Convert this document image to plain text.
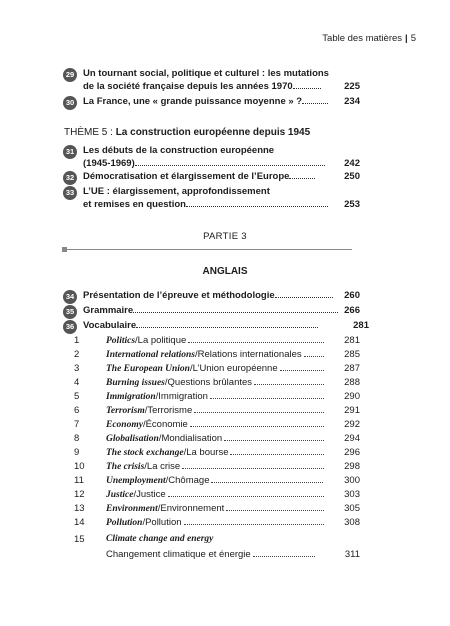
Table des matières | 5
29 Un tournant social, politique et culturel : les mutations
de la société française depuis les années 1970	225
30 La France, une « grande puissance moyenne » ?	234
THÈME 5 : La construction européenne depuis 1945
31 Les débuts de la construction européenne
(1945-1969)	242
32 Démocratisation et élargissement de l’Europe	250
33 L’UE : élargissement, approfondissement
et remises en question	253
PARTIE 3
ANGLAIS
34 Présentation de l’épreuve et méthodologie	260
35 Grammaire	266
36 Vocabulaire	281
1	Politics/La politique	281
2	International relations/Relations internationales	285
3	The European Union/L’Union européenne	287
4	Burning issues/Questions brûlantes	288
5	Immigration/Immigration	290
6	Terrorism/Terrorisme	291
7	Economy/Économie	292
8	Globalisation/Mondialisation	294
9	The stock exchange/La bourse	296
10	The crisis/La crise	298
11	Unemployment/Chômage	300
12	Justice/Justice	303
13	Environment/Environnement	305
14	Pollution/Pollution	308
15 Climate change and energy
Changement climatique et énergie	311
